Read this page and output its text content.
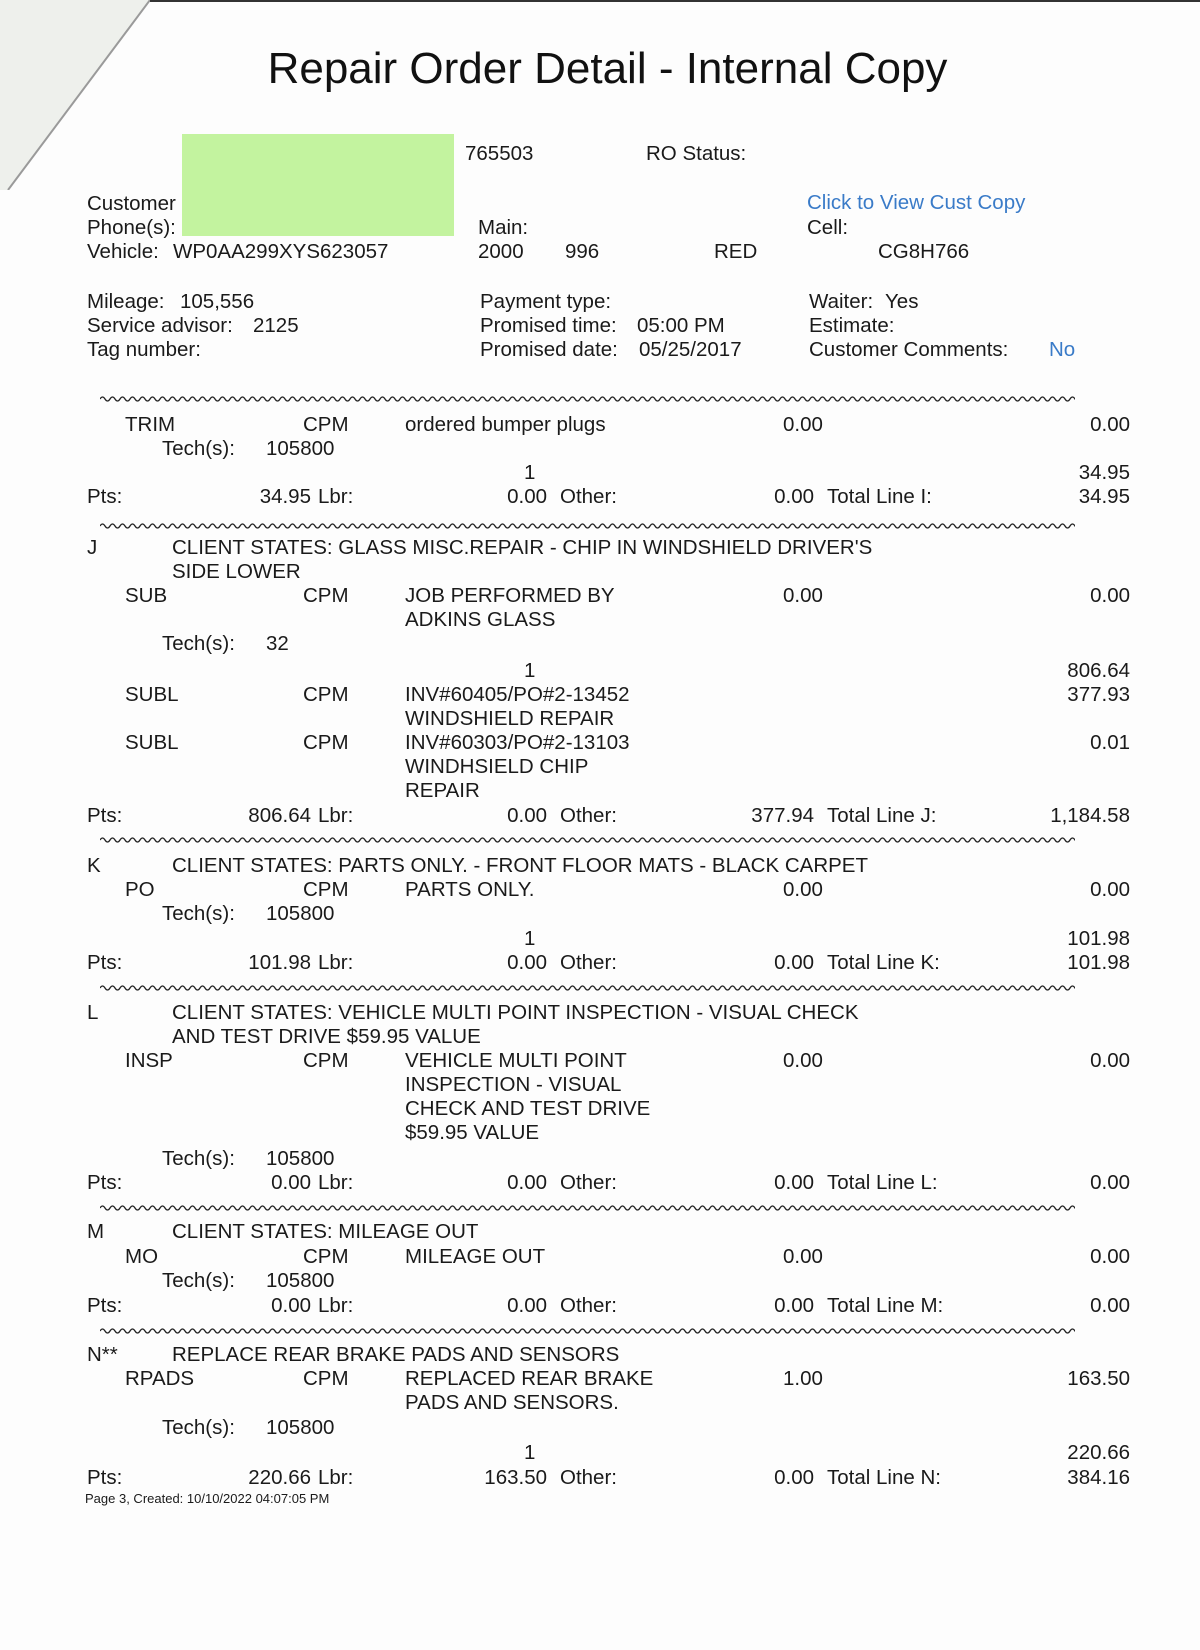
Repair Order Detail - Internal Copy
765503	RO Status:
Customer
Phone(s):
Vehicle: WP0AA299XYS623057
Main:
2000 996	RED
Click to View Cust Copy
Cell:
CG8H766
Mileage: 105,556
Service advisor: 2125
Tag number:
Payment type:
Promised time: 05:00 PM
Promised date: 05/25/2017
Waiter: Yes
Estimate:
Customer Comments: No
TRIM	CPM	ordered bumper plugs	0.00	0.00
Tech(s): 105800
1	34.95
Pts:	34.95 Lbr:	0.00 Other:	0.00 Total Line I:	34.95
J	CLIENT STATES: GLASS MISC.REPAIR - CHIP IN WINDSHIELD DRIVER'S
SIDE LOWER
SUB	CPM	JOB PERFORMED BY
ADKINS GLASS
0.00	0.00
Tech(s): 32
1	806.64
SUBL	CPM	INV#60405/PO#2-13452
WINDSHIELD REPAIR
377.93
SUBL	CPM	INV#60303/PO#2-13103
WINDHSIELD CHIP
REPAIR
0.01
Pts:	806.64 Lbr:	0.00 Other:	377.94 Total Line J:	1,184.58
K	CLIENT STATES: PARTS ONLY. - FRONT FLOOR MATS - BLACK CARPET
PO	CPM	PARTS ONLY.	0.00	0.00
Tech(s): 105800
1	101.98
Pts:	101.98 Lbr:	0.00 Other:	0.00 Total Line K:	101.98
L	CLIENT STATES: VEHICLE MULTI POINT INSPECTION - VISUAL CHECK
AND TEST DRIVE $59.95 VALUE
INSP	CPM	VEHICLE MULTI POINT
INSPECTION - VISUAL
CHECK AND TEST DRIVE
$59.95 VALUE
0.00	0.00
Tech(s): 105800
Pts:	0.00 Lbr:	0.00 Other:	0.00 Total Line L:	0.00
M	CLIENT STATES: MILEAGE OUT
MO	CPM	MILEAGE OUT	0.00	0.00
Tech(s): 105800
Pts:	0.00 Lbr:	0.00 Other:	0.00 Total Line M:	0.00
N**	REPLACE REAR BRAKE PADS AND SENSORS
RPADS	CPM	REPLACED REAR BRAKE
PADS AND SENSORS.
1.00	163.50
Tech(s): 105800
1	220.66
Pts:	220.66 Lbr:	163.50 Other:	0.00 Total Line N:	384.16
Page 3, Created: 10/10/2022 04:07:05 PM
